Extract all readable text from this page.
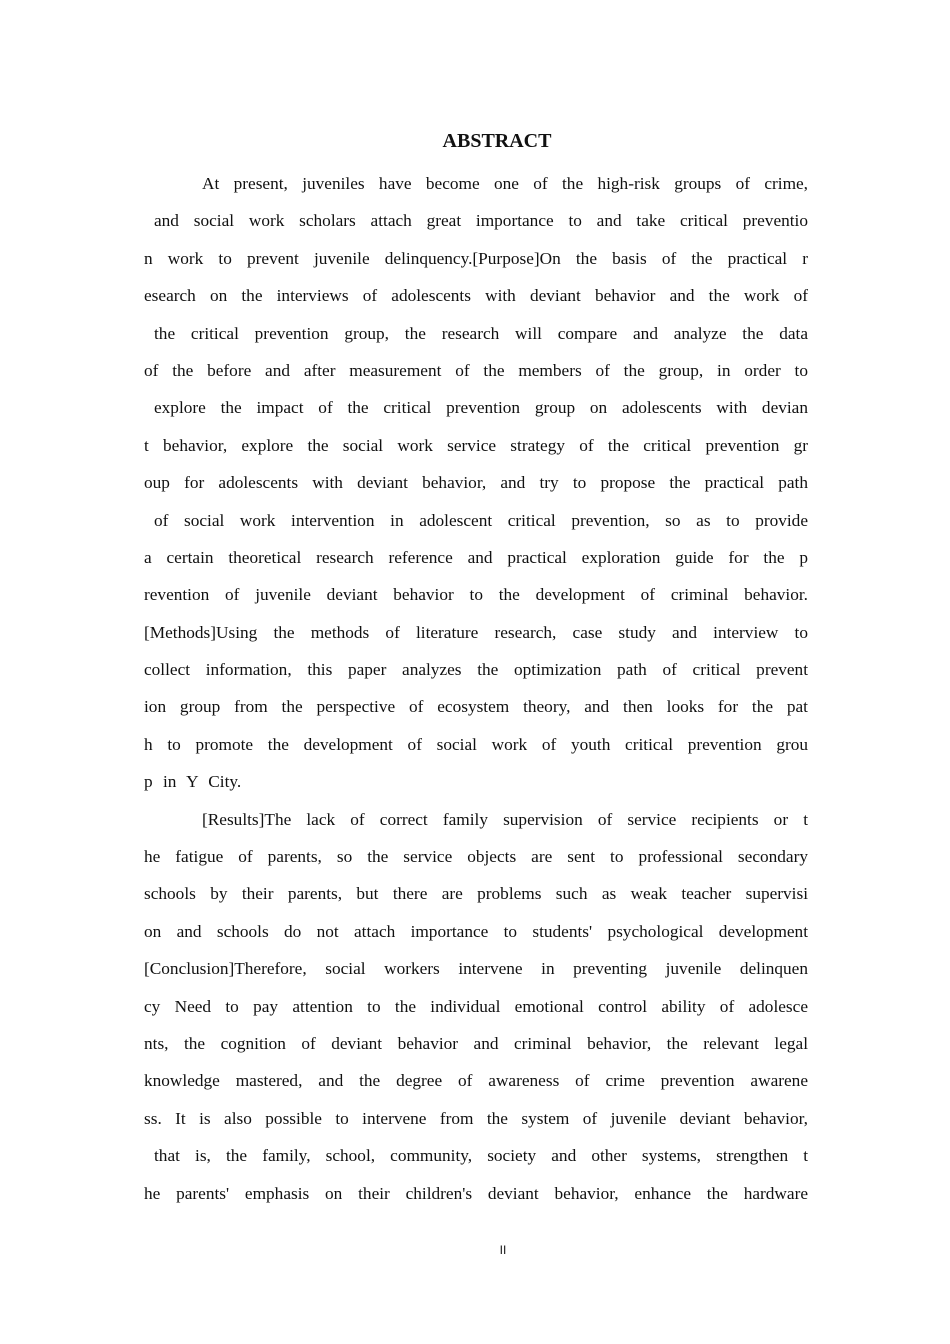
ABSTRACT
At present, juveniles have become one of the high-risk groups of crime,
and social work scholars attach great importance to and take critical preventio
n work to prevent juvenile delinquency.[Purpose]On the basis of the practical r
esearch on the interviews of adolescents with deviant behavior and the work of
the critical prevention group, the research will compare and analyze the data
of the before and after measurement of the members of the group, in order to
explore the impact of the critical prevention group on adolescents with devian
t behavior, explore the social work service strategy of the critical prevention gr
oup for adolescents with deviant behavior, and try to propose the practical path
of social work intervention in adolescent critical prevention, so as to provide
a certain theoretical research reference and practical exploration guide for the p
revention of juvenile deviant behavior to the development of criminal behavior.
[Methods]Using the methods of literature research, case study and interview to
collect information, this paper analyzes the optimization path of critical prevent
ion group from the perspective of ecosystem theory, and then looks for the pat
h to promote the development of social work of youth critical prevention grou
p in Y City.
[Results]The lack of correct family supervision of service recipients or t
he fatigue of parents, so the service objects are sent to professional secondary
schools by their parents, but there are problems such as weak teacher supervisi
on and schools do not attach importance to students' psychological development
[Conclusion]Therefore, social workers intervene in preventing juvenile delinquen
cy Need to pay attention to the individual emotional control ability of adolesce
nts, the cognition of deviant behavior and criminal behavior, the relevant legal
knowledge mastered, and the degree of awareness of crime prevention awarene
ss. It is also possible to intervene from the system of juvenile deviant behavior,
that is, the family, school, community, society and other systems, strengthen t
he parents' emphasis on their children's deviant behavior, enhance the hardware
II
